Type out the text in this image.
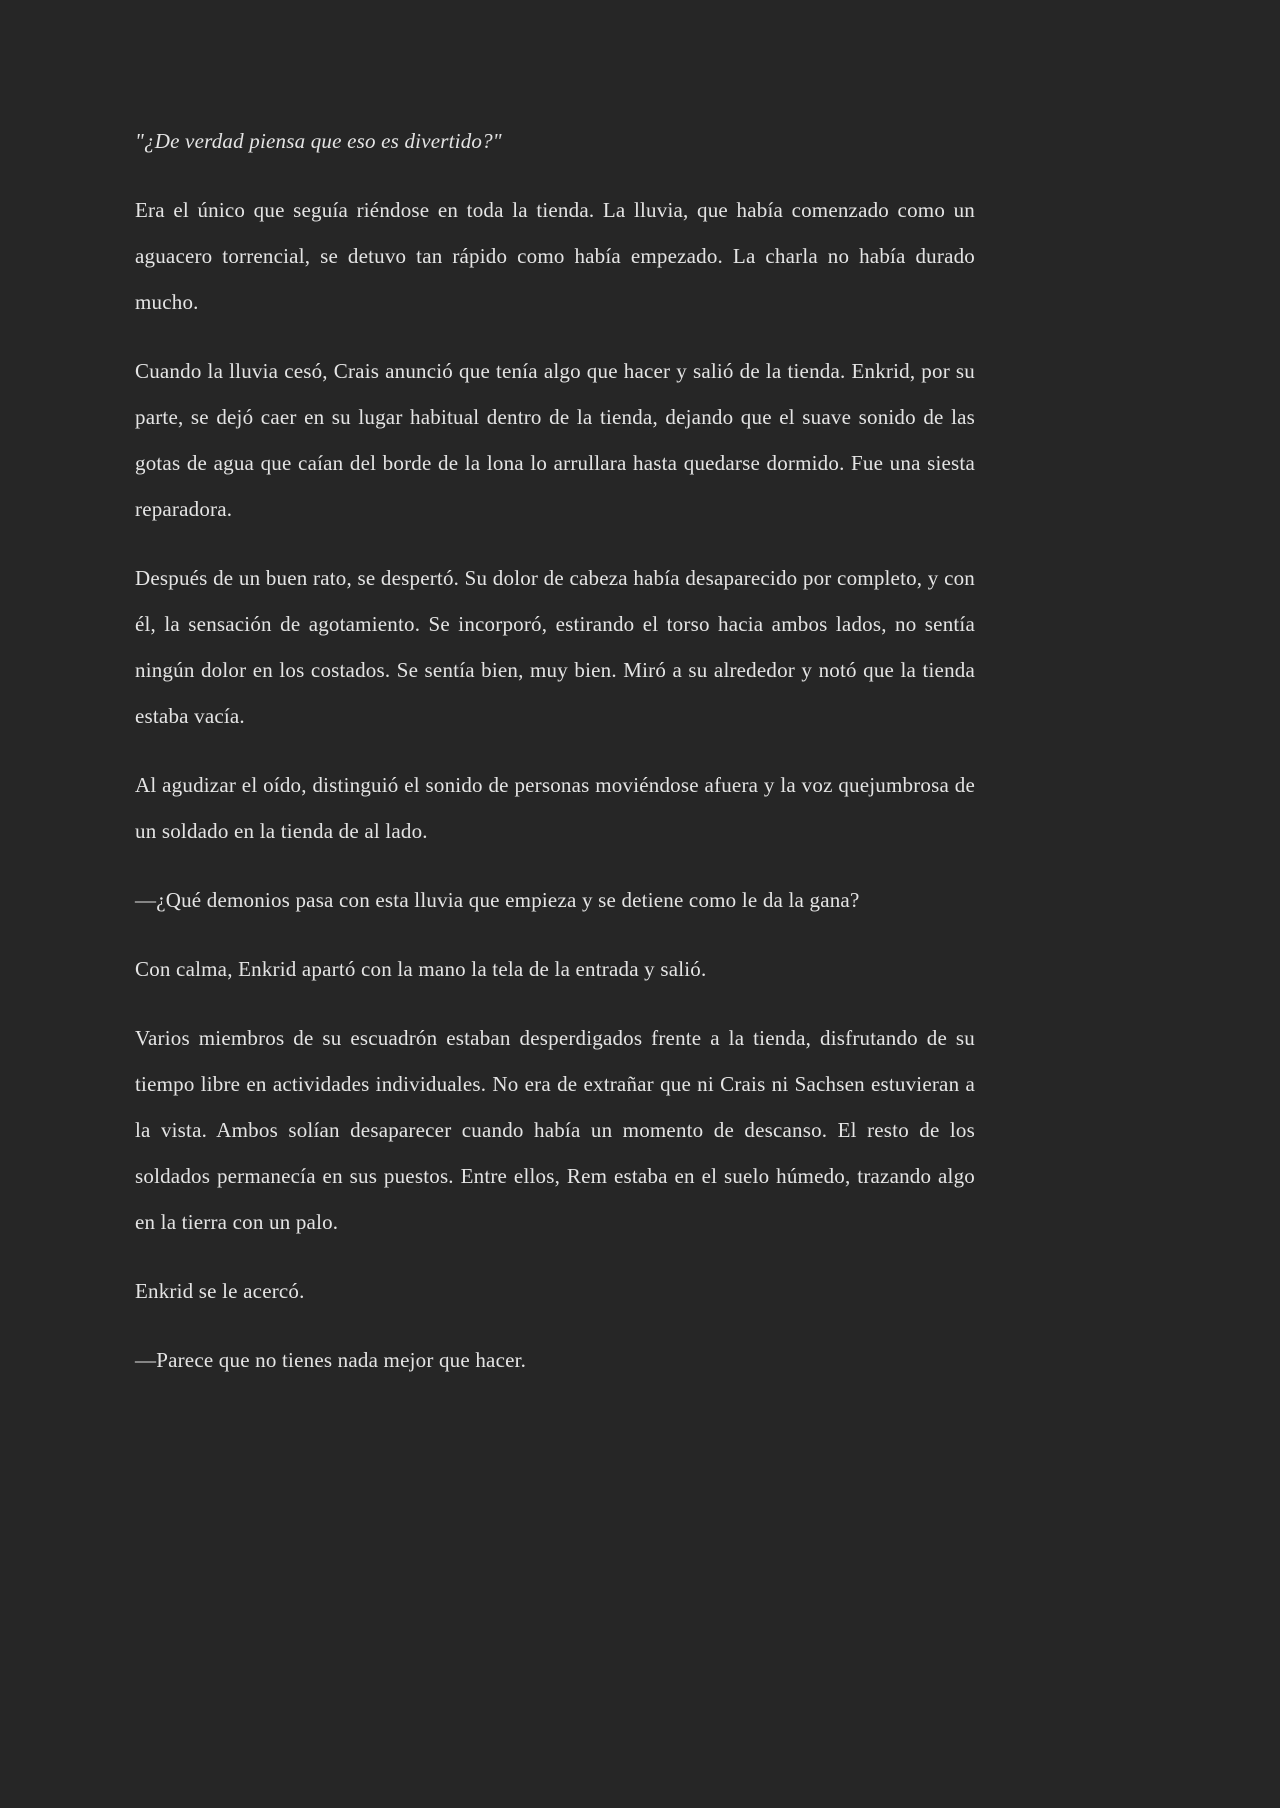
"¿De verdad piensa que eso es divertido?"

Era el único que seguía riéndose en toda la tienda. La lluvia, que había comenzado como un aguacero torrencial, se detuvo tan rápido como había empezado. La charla no había durado mucho.

Cuando la lluvia cesó, Crais anunció que tenía algo que hacer y salió de la tienda. Enkrid, por su parte, se dejó caer en su lugar habitual dentro de la tienda, dejando que el suave sonido de las gotas de agua que caían del borde de la lona lo arrullara hasta quedarse dormido. Fue una siesta reparadora.

Después de un buen rato, se despertó. Su dolor de cabeza había desaparecido por completo, y con él, la sensación de agotamiento. Se incorporó, estirando el torso hacia ambos lados, no sentía ningún dolor en los costados. Se sentía bien, muy bien. Miró a su alrededor y notó que la tienda estaba vacía.

Al agudizar el oído, distinguió el sonido de personas moviéndose afuera y la voz quejumbrosa de un soldado en la tienda de al lado.

—¿Qué demonios pasa con esta lluvia que empieza y se detiene como le da la gana?

Con calma, Enkrid apartó con la mano la tela de la entrada y salió.

Varios miembros de su escuadrón estaban desperdigados frente a la tienda, disfrutando de su tiempo libre en actividades individuales. No era de extrañar que ni Crais ni Sachsen estuvieran a la vista. Ambos solían desaparecer cuando había un momento de descanso. El resto de los soldados permanecía en sus puestos. Entre ellos, Rem estaba en el suelo húmedo, trazando algo en la tierra con un palo.

Enkrid se le acercó.

—Parece que no tienes nada mejor que hacer.
